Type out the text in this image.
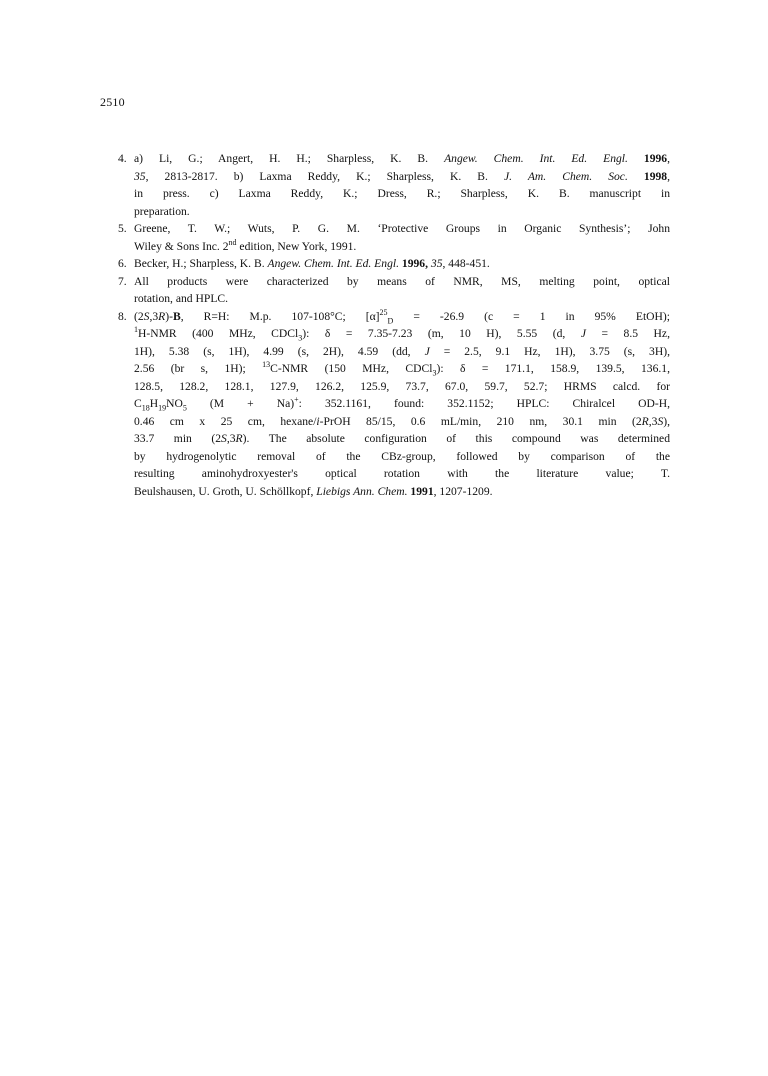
2510
4. a) Li, G.; Angert, H. H.; Sharpless, K. B. Angew. Chem. Int. Ed. Engl. 1996,
35, 2813-2817. b) Laxma Reddy, K.; Sharpless, K. B. J. Am. Chem. Soc. 1998,
in press. c) Laxma Reddy, K.; Dress, R.; Sharpless, K. B. manuscript in
preparation.
5. Greene, T. W.; Wuts, P. G. M. ‘Protective Groups in Organic Synthesis’; John
Wiley & Sons Inc. 2nd edition, New York, 1991.
6. Becker, H.; Sharpless, K. B. Angew. Chem. Int. Ed. Engl. 1996, 35, 448-451.
7. All products were characterized by means of NMR, MS, melting point, optical
rotation, and HPLC.
8. (2S,3R)-B, R=H: M.p. 107-108°C; $[\alpha]^{25}_D = -26.9$ (c = 1 in 95% EtOH);
$^1$H-NMR (400 MHz, CDCl$_3$): δ = 7.35-7.23 (m, 10 H), 5.55 (d, J = 8.5 Hz,
1H), 5.38 (s, 1H), 4.99 (s, 2H), 4.59 (dd, J = 2.5, 9.1 Hz, 1H), 3.75 (s, 3H),
2.56 (br s, 1H); $^{13}$C-NMR (150 MHz, CDCl$_3$): δ = 171.1, 158.9, 139.5, 136.1,
128.5, 128.2, 128.1, 127.9, 126.2, 125.9, 73.7, 67.0, 59.7, 52.7; HRMS calcd. for
$C_{18}H_{19}NO_5$ (M + Na)+: 352.1161, found: 352.1152; HPLC: Chiralcel OD-H,
0.46 cm x 25 cm, hexane/i-PrOH 85/15, 0.6 mL/min, 210 nm, 30.1 min (2R,3S),
33.7 min (2S,3R). The absolute configuration of this compound was determined
by hydrogenolytic removal of the CBz-group, followed by comparison of the
resulting aminohydroxyester's optical rotation with the literature value; T.
Beulshausen, U. Groth, U. Schöllkopf, Liebigs Ann. Chem. 1991, 1207-1209.
